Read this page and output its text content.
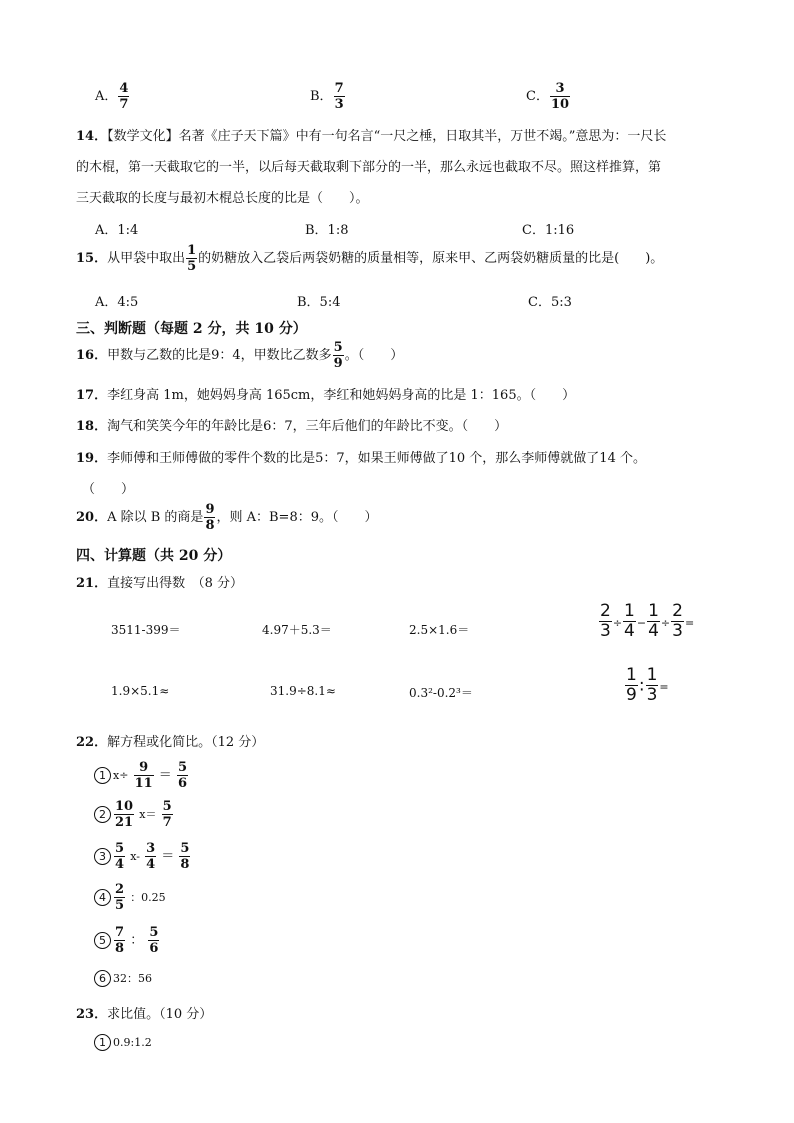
A． $\frac{4}{7}$	B． $\frac{7}{3}$	C． $\frac{3}{10}$
14．【数学文化】名著《庄子天下篇》中有一句名言“一尺之棰，日取其半，万世不竭。”意思为：一尺长
的木棍，第一天截取它的一半，以后每天截取剩下部分的一半，那么永远也截取不尽。照这样推算，第
三天截取的长度与最初木棍总长度的比是（　　）。
A．1:4	B．1:8	C．1:16
15．从甲袋中取出 $\frac{1}{5}$ 的奶糖放入乙袋后两袋奶糖的质量相等，原来甲、乙两袋奶糖质量的比是(　　)。
A．4:5	B．5:4	C．5:3
三、判断题（每题 2 分，共 10 分）
16．甲数与乙数的比是9：4，甲数比乙数多 $\frac{5}{9}$ 。（　　）
17．李红身高 1m，她妈妈身高 165cm，李红和她妈妈身高的比是 1：165。（　　）
18．淘气和笑笑今年的年龄比是6：7，三年后他们的年龄比不变。（　　）
19．李师傅和王师傅做的零件个数的比是5：7，如果王师傅做了10 个，那么李师傅就做了14 个。
（　　）
20．A 除以 B 的商是 $\frac{9}{8}$ ，则 A：B=8：9。（　　）
四、计算题（共 20 分）
21．直接写出得数　（8 分）
3511-399＝	4.97＋5.3＝	2.5×1.6＝	$\frac{2}{3} \div \frac{1}{4} - \frac{1}{4} \div \frac{2}{3}$ =
1.9×5.1≈	31.9÷8.1≈	0.3²-0.2³＝	$\frac{1}{9}$ : $\frac{1}{3}$ =
22．解方程或化简比。（12 分）
1 $x\div \frac{9}{11} = \frac{5}{6}$
$2 \frac{10}{21} x= \frac{5}{7}$
$3 \frac{5}{4} x- \frac{3}{4} = \frac{5}{8}$
$4 \frac{2}{5}$ ：0.25
$5 \frac{7}{8}$ ： $\frac{5}{6}$
6 32：56
23．求比值。（10 分）
1 0.9:1.2
